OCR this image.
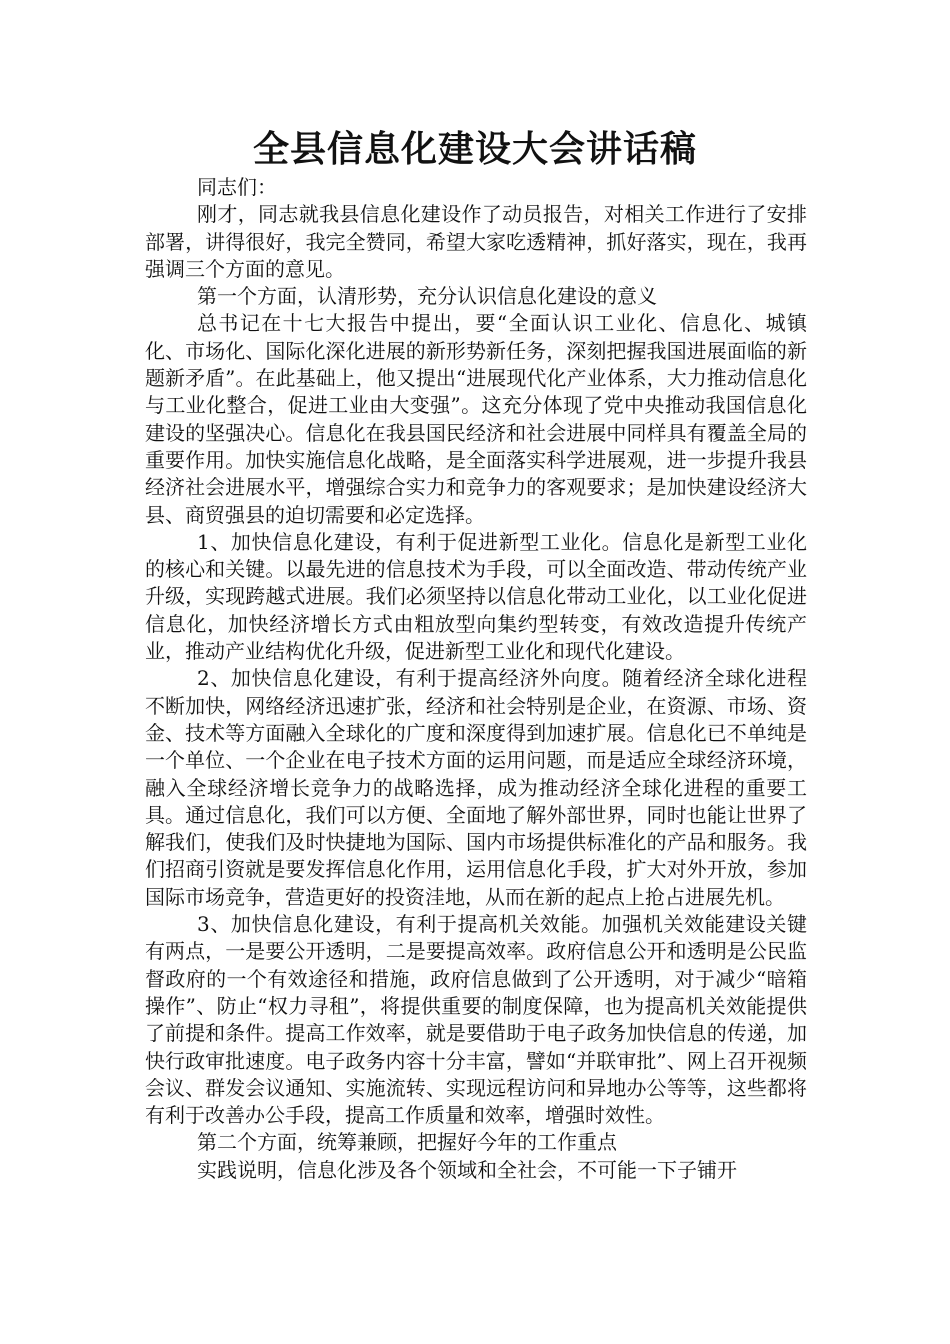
全县信息化建设大会讲话稿

同志们：

刚才，同志就我县信息化建设作了动员报告，对相关工作进行了安排部署，讲得很好，我完全赞同，希望大家吃透精神，抓好落实，现在，我再强调三个方面的意见。

第一个方面，认清形势，充分认识信息化建设的意义

总书记在十七大报告中提出，要“全面认识工业化、信息化、城镇化、市场化、国际化深化进展的新形势新任务，深刻把握我国进展面临的新题新矛盾”。在此基础上，他又提出“进展现代化产业体系，大力推动信息化与工业化整合，促进工业由大变强”。这充分体现了党中央推动我国信息化建设的坚强决心。信息化在我县国民经济和社会进展中同样具有覆盖全局的重要作用。加快实施信息化战略，是全面落实科学进展观，进一步提升我县经济社会进展水平，增强综合实力和竞争力的客观要求；是加快建设经济大县、商贸强县的迫切需要和必定选择。

1、加快信息化建设，有利于促进新型工业化。信息化是新型工业化的核心和关键。以最先进的信息技术为手段，可以全面改造、带动传统产业升级，实现跨越式进展。我们必须坚持以信息化带动工业化，以工业化促进信息化，加快经济增长方式由粗放型向集约型转变，有效改造提升传统产业，推动产业结构优化升级，促进新型工业化和现代化建设。

2、加快信息化建设，有利于提高经济外向度。随着经济全球化进程不断加快，网络经济迅速扩张，经济和社会特别是企业，在资源、市场、资金、技术等方面融入全球化的广度和深度得到加速扩展。信息化已不单纯是一个单位、一个企业在电子技术方面的运用问题，而是适应全球经济环境，融入全球经济增长竞争力的战略选择，成为推动经济全球化进程的重要工具。通过信息化，我们可以方便、全面地了解外部世界，同时也能让世界了解我们，使我们及时快捷地为国际、国内市场提供标准化的产品和服务。我们招商引资就是要发挥信息化作用，运用信息化手段，扩大对外开放，参加国际市场竞争，营造更好的投资洼地，从而在新的起点上抢占进展先机。

3、加快信息化建设，有利于提高机关效能。加强机关效能建设关键有两点，一是要公开透明，二是要提高效率。政府信息公开和透明是公民监督政府的一个有效途径和措施，政府信息做到了公开透明，对于减少“暗箱操作”、防止“权力寻租”，将提供重要的制度保障，也为提高机关效能提供了前提和条件。提高工作效率，就是要借助于电子政务加快信息的传递，加快行政审批速度。电子政务内容十分丰富，譬如“并联审批”、网上召开视频会议、群发会议通知、实施流转、实现远程访问和异地办公等等，这些都将有利于改善办公手段，提高工作质量和效率，增强时效性。

第二个方面，统筹兼顾，把握好今年的工作重点

实践说明，信息化涉及各个领域和全社会，不可能一下子铺开
